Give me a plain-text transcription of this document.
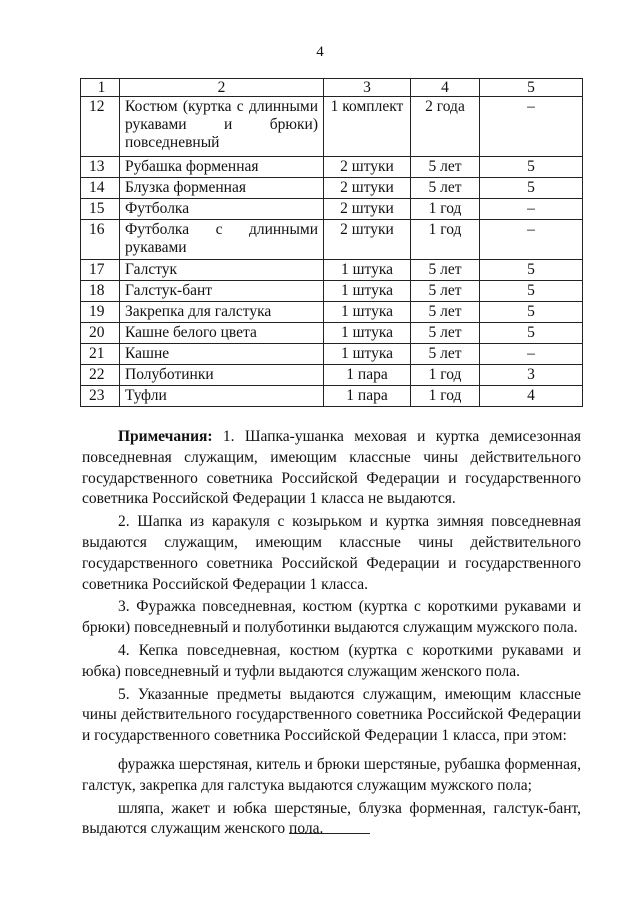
4
1	2	3	4	5
12	Костюм (куртка с длинными рукавами и брюки) повседневный	1 комплект	2 года	–
13	Рубашка форменная	2 штуки	5 лет	5
14	Блузка форменная	2 штуки	5 лет	5
15	Футболка	2 штуки	1 год	–
16	Футболка с длинными рукавами	2 штуки	1 год	–
17	Галстук	1 штука	5 лет	5
18	Галстук-бант	1 штука	5 лет	5
19	Закрепка для галстука	1 штука	5 лет	5
20	Кашне белого цвета	1 штука	5 лет	5
21	Кашне	1 штука	5 лет	–
22	Полуботинки	1 пара	1 год	3
23	Туфли	1 пара	1 год	4

Примечания: 1. Шапка-ушанка меховая и куртка демисезонная повседневная служащим, имеющим классные чины действительного государственного советника Российской Федерации и государственного советника Российской Федерации 1 класса не выдаются.

2. Шапка из каракуля с козырьком и куртка зимняя повседневная выдаются служащим, имеющим классные чины действительного государственного советника Российской Федерации и государственного советника Российской Федерации 1 класса.

3. Фуражка повседневная, костюм (куртка с короткими рукавами и брюки) повседневный и полуботинки выдаются служащим мужского пола.

4. Кепка повседневная, костюм (куртка с короткими рукавами и юбка) повседневный и туфли выдаются служащим женского пола.

5. Указанные предметы выдаются служащим, имеющим классные чины действительного государственного советника Российской Федерации и государственного советника Российской Федерации 1 класса, при этом:

фуражка шерстяная, китель и брюки шерстяные, рубашка форменная, галстук, закрепка для галстука выдаются служащим мужского пола;

шляпа, жакет и юбка шерстяные, блузка форменная, галстук-бант, выдаются служащим женского пола.
